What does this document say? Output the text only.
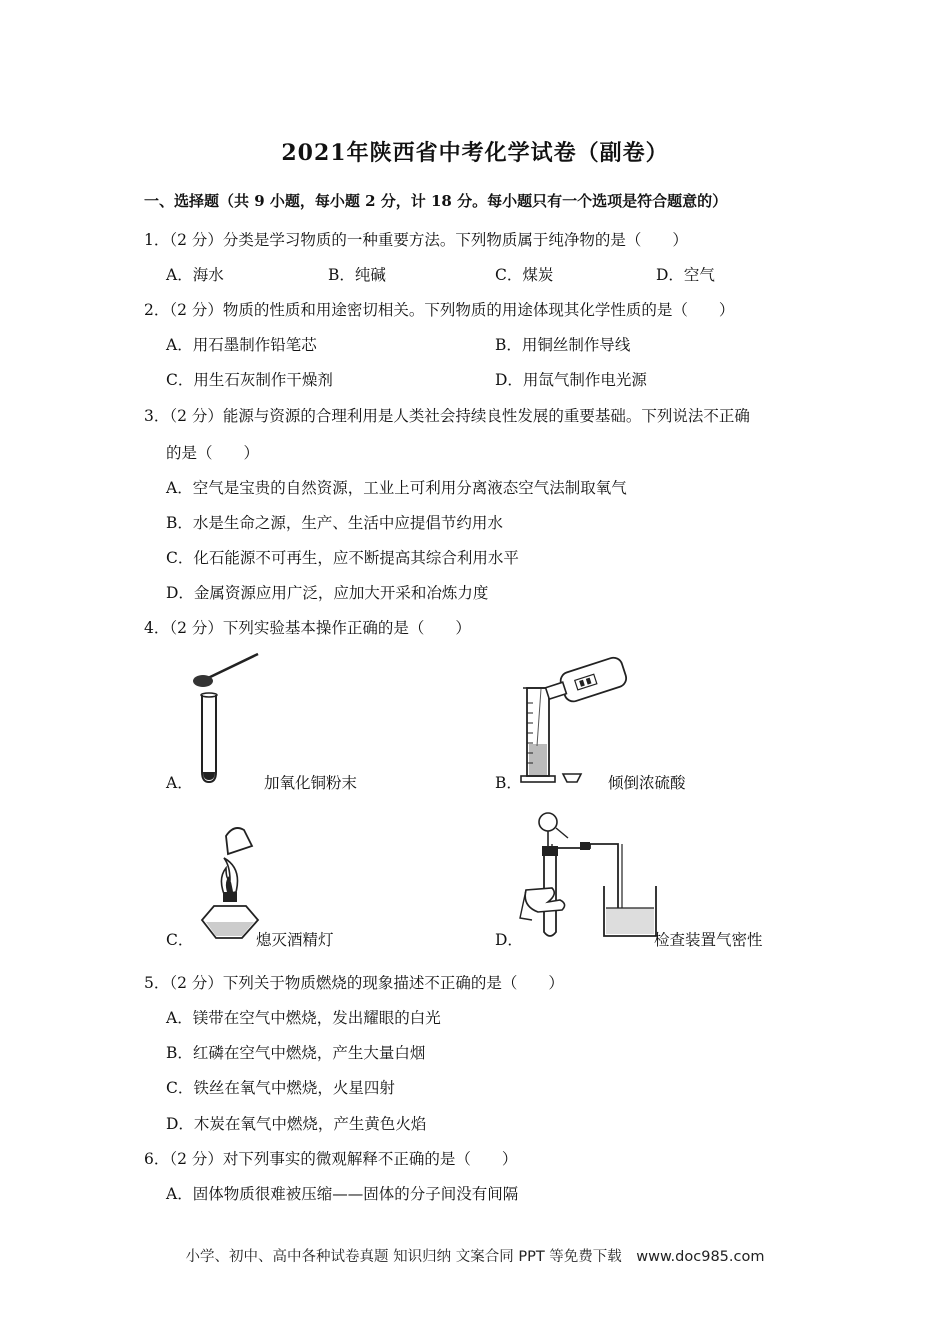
2021年陕西省中考化学试卷（副卷）
一、选择题（共 9 小题，每小题 2 分，计 18 分。每小题只有一个选项是符合题意的）
1．（2 分）分类是学习物质的一种重要方法。下列物质属于纯净物的是（　　）
A．海水	B．纯碱	C．煤炭	D．空气
2．（2 分）物质的性质和用途密切相关。下列物质的用途体现其化学性质的是（　　）
A．用石墨制作铅笔芯	B．用铜丝制作导线
C．用生石灰制作干燥剂	D．用氙气制作电光源
3．（2 分）能源与资源的合理利用是人类社会持续良性发展的重要基础。下列说法不正确
的是（　　）
A．空气是宝贵的自然资源，工业上可利用分离液态空气法制取氧气
B．水是生命之源，生产、生活中应提倡节约用水
C．化石能源不可再生，应不断提高其综合利用水平
D．金属资源应用广泛，应加大开采和冶炼力度
4．（2 分）下列实验基本操作正确的是（　　）
A．	加氧化铜粉末	B．	倾倒浓硫酸
C．	熄灭酒精灯	D．	检查装置气密性
5．（2 分）下列关于物质燃烧的现象描述不正确的是（　　）
A．镁带在空气中燃烧，发出耀眼的白光
B．红磷在空气中燃烧，产生大量白烟
C．铁丝在氧气中燃烧，火星四射
D．木炭在氧气中燃烧，产生黄色火焰
6．（2 分）对下列事实的微观解释不正确的是（　　）
A．固体物质很难被压缩——固体的分子间没有间隔
小学、初中、高中各种试卷真题 知识归纳 文案合同 PPT 等免费下载　www.doc985.com
